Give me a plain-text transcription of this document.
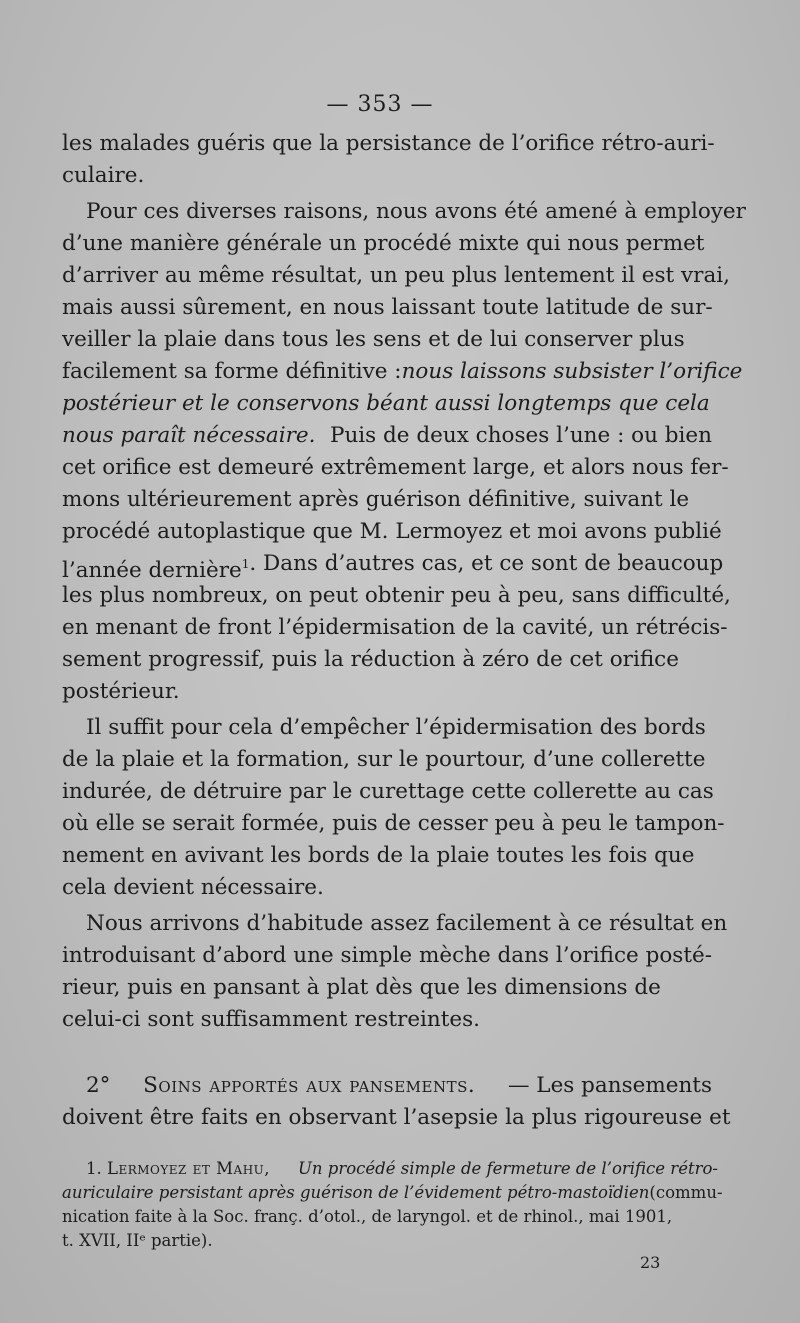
— 353 —
les malades guéris que la persistance de l’orifice rétro-auri-
culaire.
Pour ces diverses raisons, nous avons été amené à employer
d’une manière générale un procédé mixte qui nous permet
d’arriver au même résultat, un peu plus lentement il est vrai,
mais aussi sûrement, en nous laissant toute latitude de sur-
veiller la plaie dans tous les sens et de lui conserver plus
facilement sa forme définitive : nous laissons subsister l’orifice
postérieur et le conservons béant aussi longtemps que cela
nous paraît nécessaire. Puis de deux choses l’une : ou bien
cet orifice est demeuré extrêmement large, et alors nous fer-
mons ultérieurement après guérison définitive, suivant le
procédé autoplastique que M. Lermoyez et moi avons publié
l’année dernière$^1$ . Dans d’autres cas, et ce sont de beaucoup
les plus nombreux, on peut obtenir peu à peu, sans difficulté,
en menant de front l’épidermisation de la cavité, un rétrécis-
sement progressif, puis la réduction à zéro de cet orifice
postérieur.
Il suffit pour cela d’empêcher l’épidermisation des bords
de la plaie et la formation, sur le pourtour, d’une collerette
indurée, de détruire par le curettage cette collerette au cas
où elle se serait formée, puis de cesser peu à peu le tampon-
nement en avivant les bords de la plaie toutes les fois que
cela devient nécessaire.
Nous arrivons d’habitude assez facilement à ce résultat en
introduisant d’abord une simple mèche dans l’orifice posté-
rieur, puis en pansant à plat dès que les dimensions de
celui-ci sont suffisamment restreintes.
2° Soins apportés aux pansements. — Les pansements
doivent être faits en observant l’asepsie la plus rigoureuse et
1. Lermoyez et Mahu, Un procédé simple de fermeture de l’orifice rétro-
auriculaire persistant après guérison de l’évidement pétro-mastoïdien (commu-
nication faite à la Soc. franç. d’otol., de laryngol. et de rhinol., mai 1901,
t. XVII, IIᵉ partie).
23
